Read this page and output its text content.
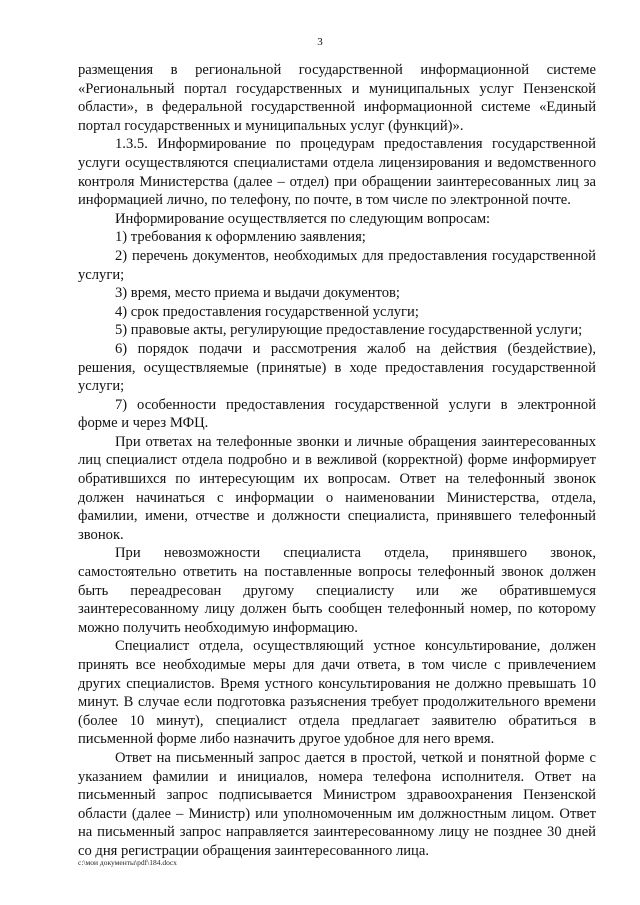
3

размещения в региональной государственной информационной системе «Региональный портал государственных и муниципальных услуг Пензенской области», в федеральной государственной информационной системе «Единый портал государственных и муниципальных услуг (функций)».

1.3.5. Информирование по процедурам предоставления государственной услуги осуществляются специалистами отдела лицензирования и ведомственного контроля Министерства (далее – отдел) при обращении заинтересованных лиц за информацией лично, по телефону, по почте, в том числе по электронной почте.

Информирование осуществляется по следующим вопросам:

1) требования к оформлению заявления;

2) перечень документов, необходимых для предоставления государственной услуги;

3) время, место приема и выдачи документов;

4) срок предоставления государственной услуги;

5) правовые акты, регулирующие предоставление государственной услуги;

6) порядок подачи и рассмотрения жалоб на действия (бездействие), решения, осуществляемые (принятые) в ходе предоставления государственной услуги;

7) особенности предоставления государственной услуги в электронной форме и через МФЦ.

При ответах на телефонные звонки и личные обращения заинтересованных лиц специалист отдела подробно и в вежливой (корректной) форме информирует обратившихся по интересующим их вопросам. Ответ на телефонный звонок должен начинаться с информации о наименовании Министерства, отдела, фамилии, имени, отчестве и должности специалиста, принявшего телефонный звонок.

При невозможности специалиста отдела, принявшего звонок, самостоятельно ответить на поставленные вопросы телефонный звонок должен быть переадресован другому специалисту или же обратившемуся заинтересованному лицу должен быть сообщен телефонный номер, по которому можно получить необходимую информацию.

Специалист отдела, осуществляющий устное консультирование, должен принять все необходимые меры для дачи ответа, в том числе с привлечением других специалистов. Время устного консультирования не должно превышать 10 минут. В случае если подготовка разъяснения требует продолжительного времени (более 10 минут), специалист отдела предлагает заявителю обратиться в письменной форме либо назначить другое удобное для него время.

Ответ на письменный запрос дается в простой, четкой и понятной форме с указанием фамилии и инициалов, номера телефона исполнителя. Ответ на письменный запрос подписывается Министром здравоохранения Пензенской области (далее – Министр) или уполномоченным им должностным лицом. Ответ на письменный запрос направляется заинтересованному лицу не позднее 30 дней со дня регистрации обращения заинтересованного лица.

с:\мои документы\pdf\184.docx
